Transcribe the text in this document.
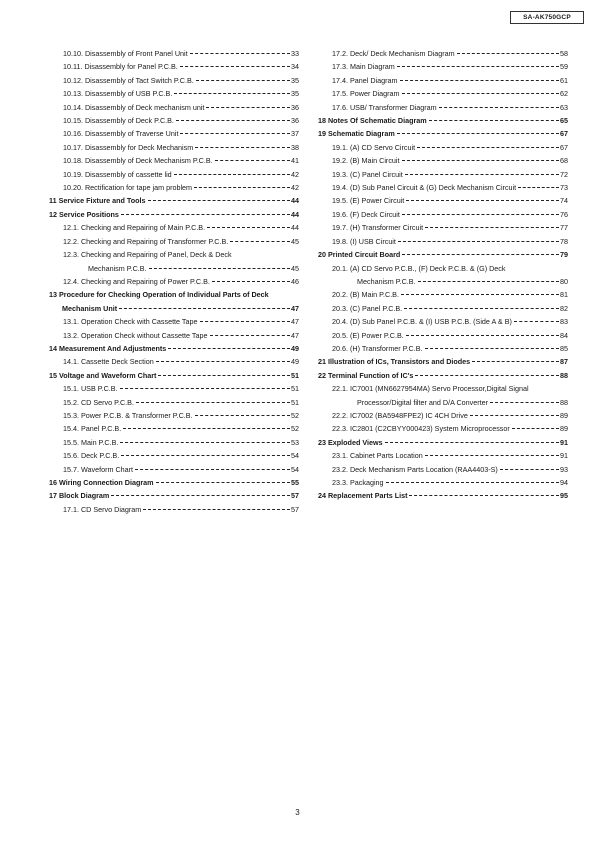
SA-AK750GCP
10.10. Disassembly of Front Panel Unit	33
10.11. Disassembly for Panel P.C.B.	34
10.12. Disassembly of Tact Switch P.C.B.	35
10.13. Disassembly of USB P.C.B.	35
10.14. Disassembly of Deck mechanism unit	36
10.15. Disassembly of Deck P.C.B.	36
10.16. Disassembly of Traverse Unit	37
10.17. Disassembly for Deck Mechanism	38
10.18. Disassembly of Deck Mechanism P.C.B.	41
10.19. Disassembly of cassette lid	42
10.20. Rectification for tape jam problem	42
11 Service Fixture and Tools	44
12 Service Positions	44
12.1. Checking and Repairing of Main P.C.B.	44
12.2. Checking and Repairing of Transformer P.C.B.	45
12.3. Checking and Repairing of Panel, Deck & Deck
Mechanism P.C.B.	45
12.4. Checking and Repairing of Power P.C.B.	46
13 Procedure for Checking Operation of Individual Parts of Deck
Mechanism Unit	47
13.1. Operation Check with Cassette Tape	47
13.2. Operation Check without Cassette Tape	47
14 Measurement And Adjustments	49
14.1. Cassette Deck Section	49
15 Voltage and Waveform Chart	51
15.1. USB P.C.B.	51
15.2. CD Servo P.C.B.	51
15.3. Power P.C.B. & Transformer P.C.B.	52
15.4. Panel P.C.B.	52
15.5. Main P.C.B.	53
15.6. Deck P.C.B.	54
15.7. Waveform Chart	54
16 Wiring Connection Diagram	55
17 Block Diagram	57
17.1. CD Servo Diagram	57
17.2. Deck/ Deck Mechanism Diagram	58
17.3. Main Diagram	59
17.4. Panel Diagram	61
17.5. Power Diagram	62
17.6. USB/ Transformer Diagram	63
18 Notes Of Schematic Diagram	65
19 Schematic Diagram	67
19.1. (A) CD Servo Circuit	67
19.2. (B) Main Circuit	68
19.3. (C) Panel Circuit	72
19.4. (D) Sub Panel Circuit & (G) Deck Mechanism Circuit	73
19.5. (E) Power Circuit	74
19.6. (F) Deck Circuit	76
19.7. (H) Transformer Circuit	77
19.8. (I) USB Circuit	78
20 Printed Circuit Board	79
20.1. (A) CD Servo P.C.B., (F) Deck P.C.B. & (G) Deck
Mechanism P.C.B.	80
20.2. (B) Main P.C.B.	81
20.3. (C) Panel P.C.B.	82
20.4. (D) Sub Panel P.C.B. & (I) USB P.C.B. (Side A & B)	83
20.5. (E) Power P.C.B.	84
20.6. (H) Transformer P.C.B.	85
21 Illustration of ICs, Transistors and Diodes	87
22 Terminal Function of IC's	88
22.1. IC7001 (MN6627954MA) Servo Processor,Digital Signal
Processor/Digital filter and D/A Converter	88
22.2. IC7002 (BA5948FPE2) IC 4CH Drive	89
22.3. IC2801 (C2CBYY000423) System Microprocessor	89
23 Exploded Views	91
23.1. Cabinet Parts Location	91
23.2. Deck Mechanism Parts Location (RAA4403-S)	93
23.3. Packaging	94
24 Replacement Parts List	95
3
